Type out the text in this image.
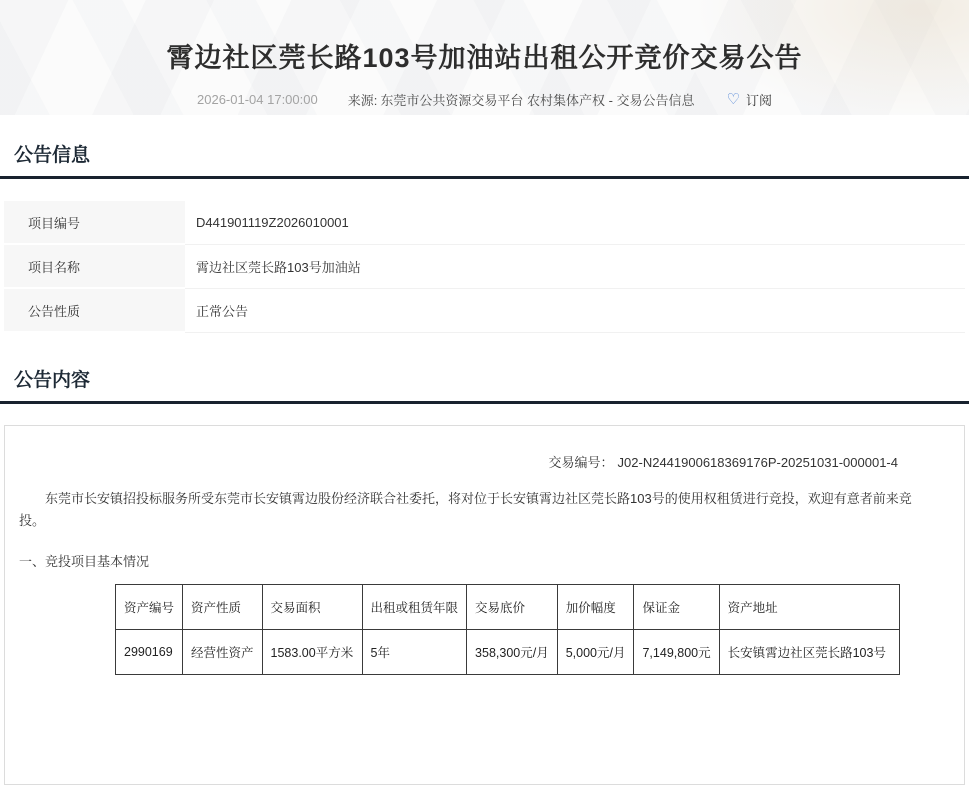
霄边社区莞长路103号加油站出租公开竞价交易公告
2026-01-04 17:00:00 来源: 东莞市公共资源交易平台 农村集体产权 - 交易公告信息 ♡ 订阅
公告信息
项目编号	D441901119Z2026010001
项目名称	霄边社区莞长路103号加油站
公告性质	正常公告
公告内容
交易编号： J02-N2441900618369176P-20251031-000001-4
东莞市长安镇招投标服务所受东莞市长安镇霄边股份经济联合社委托，将对位于长安镇霄边社区莞长路103号的使用权租赁进行竞投，欢迎有意者前来竞投。
一、竞投项目基本情况
资产编号	资产性质	交易面积	出租或租赁年限	交易底价	加价幅度	保证金	资产地址
2990169	经营性资产	1583.00平方米	5年	358,300元/月	5,000元/月	7,149,800元	长安镇霄边社区莞长路103号
